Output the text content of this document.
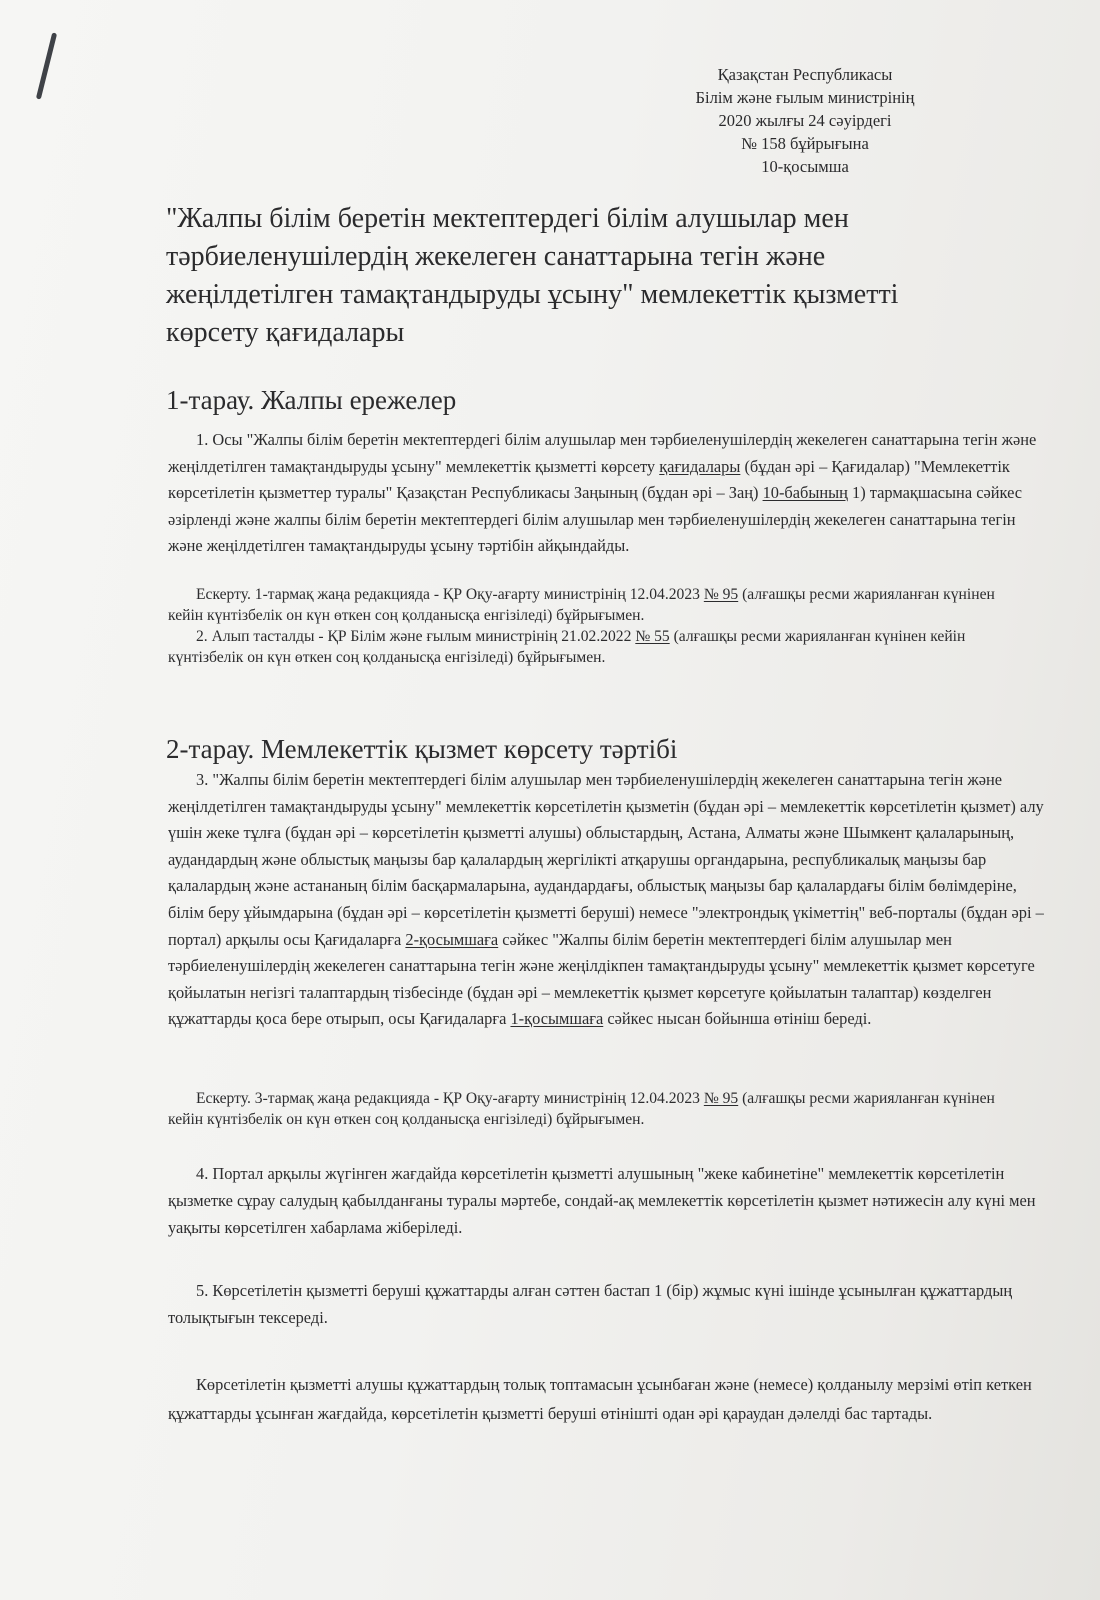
Қазақстан Республикасы
Білім және ғылым министрінің
2020 жылғы 24 сәуірдегі
№ 158 бұйрығына
10-қосымша
"Жалпы білім беретін мектептердегі білім алушылар мен тәрбиеленушілердің жекелеген санаттарына тегін және жеңілдетілген тамақтандыруды ұсыну" мемлекеттік қызметті көрсету қағидалары
1-тарау. Жалпы ережелер

1. Осы "Жалпы білім беретін мектептердегі білім алушылар мен тәрбиеленушілердің жекелеген санаттарына тегін және жеңілдетілген тамақтандыруды ұсыну" мемлекеттік қызметті көрсету қағидалары (бұдан әрі – Қағидалар) "Мемлекеттік көрсетілетін қызметтер туралы" Қазақстан Республикасы Заңының (бұдан әрі – Заң) 10-бабының 1) тармақшасына сәйкес әзірленді және жалпы білім беретін мектептердегі білім алушылар мен тәрбиеленушілердің жекелеген санаттарына тегін және жеңілдетілген тамақтандыруды ұсыну тәртібін айқындайды.

Ескерту. 1-тармақ жаңа редакцияда - ҚР Оқу-ағарту министрінің 12.04.2023 № 95 (алғашқы ресми жарияланған күнінен кейін күнтізбелік он күн өткен соң қолданысқа енгізіледі) бұйрығымен.

2. Алып тасталды - ҚР Білім және ғылым министрінің 21.02.2022 № 55 (алғашқы ресми жарияланған күнінен кейін күнтізбелік он күн өткен соң қолданысқа енгізіледі) бұйрығымен.

2-тарау. Мемлекеттік қызмет көрсету тәртібі

3. "Жалпы білім беретін мектептердегі білім алушылар мен тәрбиеленушілердің жекелеген санаттарына тегін және жеңілдетілген тамақтандыруды ұсыну" мемлекеттік көрсетілетін қызметін (бұдан әрі – мемлекеттік көрсетілетін қызмет) алу үшін жеке тұлға (бұдан әрі – көрсетілетін қызметті алушы) облыстардың, Астана, Алматы және Шымкент қалаларының, аудандардың және облыстық маңызы бар қалалардың жергілікті атқарушы органдарына, республикалық маңызы бар қалалардың және астананың білім басқармаларына, аудандардағы, облыстық маңызы бар қалалардағы білім бөлімдеріне, білім беру ұйымдарына (бұдан әрі – көрсетілетін қызметті беруші) немесе "электрондық үкіметтің" веб-порталы (бұдан әрі – портал) арқылы осы Қағидаларға 2-қосымшаға сәйкес "Жалпы білім беретін мектептердегі білім алушылар мен тәрбиеленушілердің жекелеген санаттарына тегін және жеңілдікпен тамақтандыруды ұсыну" мемлекеттік қызмет көрсетуге қойылатын негізгі талаптардың тізбесінде (бұдан әрі – мемлекеттік қызмет көрсетуге қойылатын талаптар) көзделген құжаттарды қоса бере отырып, осы Қағидаларға 1-қосымшаға сәйкес нысан бойынша өтініш береді.

Ескерту. 3-тармақ жаңа редакцияда - ҚР Оқу-ағарту министрінің 12.04.2023 № 95 (алғашқы ресми жарияланған күнінен кейін күнтізбелік он күн өткен соң қолданысқа енгізіледі) бұйрығымен.

4. Портал арқылы жүгінген жағдайда көрсетілетін қызметті алушының "жеке кабинетіне" мемлекеттік көрсетілетін қызметке сұрау салудың қабылданғаны туралы мәртебе, сондай-ақ мемлекеттік көрсетілетін қызмет нәтижесін алу күні мен уақыты көрсетілген хабарлама жіберіледі.

5. Көрсетілетін қызметті беруші құжаттарды алған сәттен бастап 1 (бір) жұмыс күні ішінде ұсынылған құжаттардың толықтығын тексереді.

Көрсетілетін қызметті алушы құжаттардың толық топтамасын ұсынбаған және (немесе) қолданылу мерзімі өтіп кеткен құжаттарды ұсынған жағдайда, көрсетілетін қызметті беруші өтінішті одан әрі қараудан дәлелді бас тартады.
